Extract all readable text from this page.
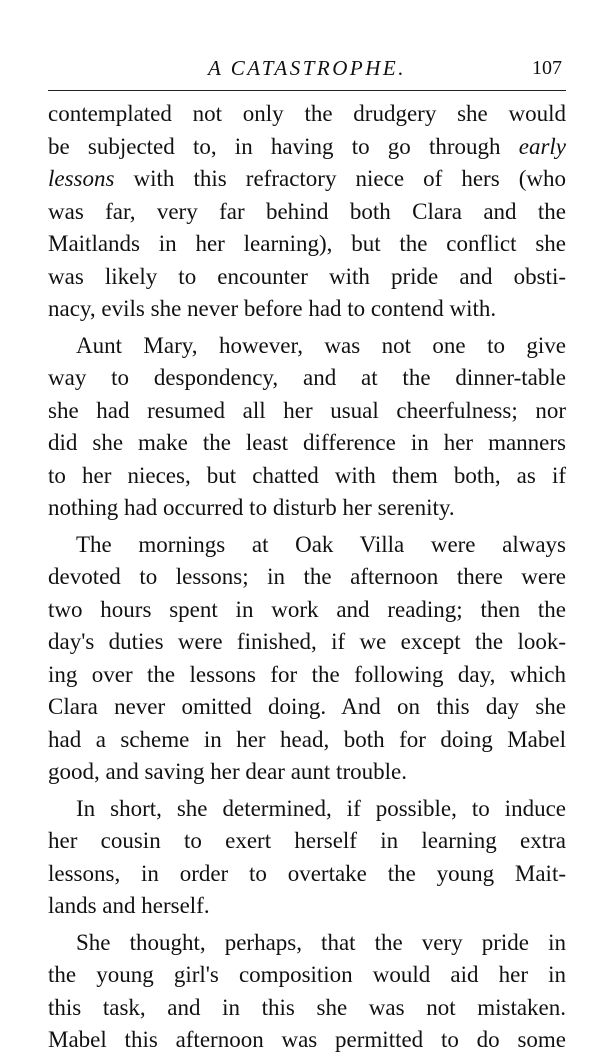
A CATASTROPHE.	107
contemplated not only the drudgery she would
be subjected to, in having to go through early
lessons with this refractory niece of hers (who
was far, very far behind both Clara and the
Maitlands in her learning), but the conflict she
was likely to encounter with pride and obsti-
nacy, evils she never before had to contend with.
Aunt Mary, however, was not one to give
way to despondency, and at the dinner-table
she had resumed all her usual cheerfulness; nor
did she make the least difference in her manners
to her nieces, but chatted with them both, as if
nothing had occurred to disturb her serenity.
The mornings at Oak Villa were always
devoted to lessons; in the afternoon there were
two hours spent in work and reading; then the
day's duties were finished, if we except the look-
ing over the lessons for the following day, which
Clara never omitted doing. And on this day she
had a scheme in her head, both for doing Mabel
good, and saving her dear aunt trouble.
In short, she determined, if possible, to induce
her cousin to exert herself in learning extra
lessons, in order to overtake the young Mait-
lands and herself.
She thought, perhaps, that the very pride in
the young girl's composition would aid her in
this task, and in this she was not mistaken.
Mabel this afternoon was permitted to do some
